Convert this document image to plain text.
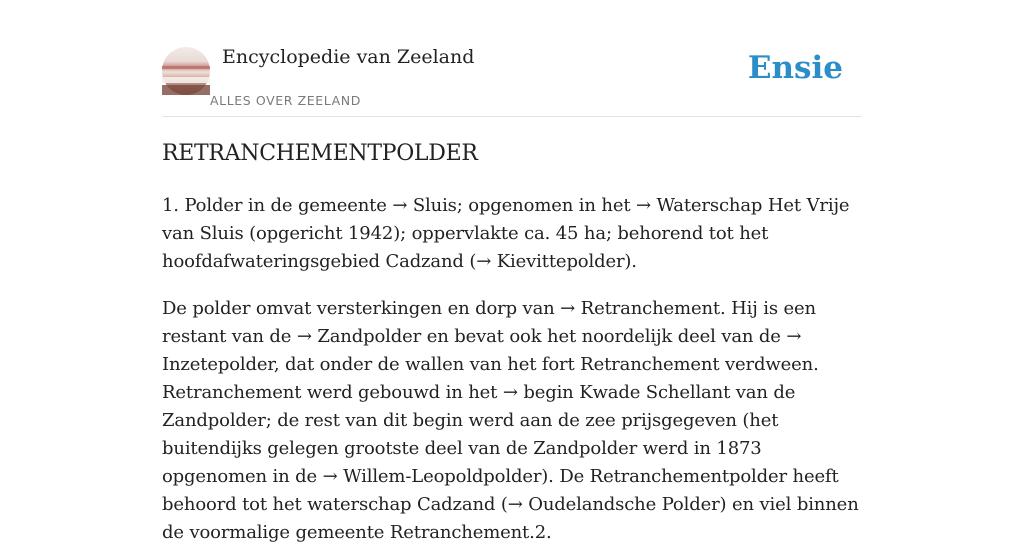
Encyclopedie van Zeeland
ALLES OVER ZEELAND
Ensie
RETRANCHEMENTPOLDER

1. Polder in de gemeente → Sluis; opgenomen in het → Waterschap Het Vrije van Sluis (opgericht 1942); oppervlakte ca. 45 ha; behorend tot het hoofdafwateringsgebied Cadzand (→ Kievittepolder).

De polder omvat versterkingen en dorp van → Retranchement. Hij is een restant van de → Zandpolder en bevat ook het noordelijk deel van de → Inzetepolder, dat onder de wallen van het fort Retranchement verdween. Retranchement werd gebouwd in het → begin Kwade Schellant van de Zandpolder; de rest van dit begin werd aan de zee prijsgegeven (het buitendijks gelegen grootste deel van de Zandpolder werd in 1873 opgenomen in de → Willem-Leopoldpolder). De Retranchementpolder heeft behoord tot het waterschap Cadzand (→ Oudelandsche Polder) en viel binnen de voormalige gemeente Retranchement.2.
